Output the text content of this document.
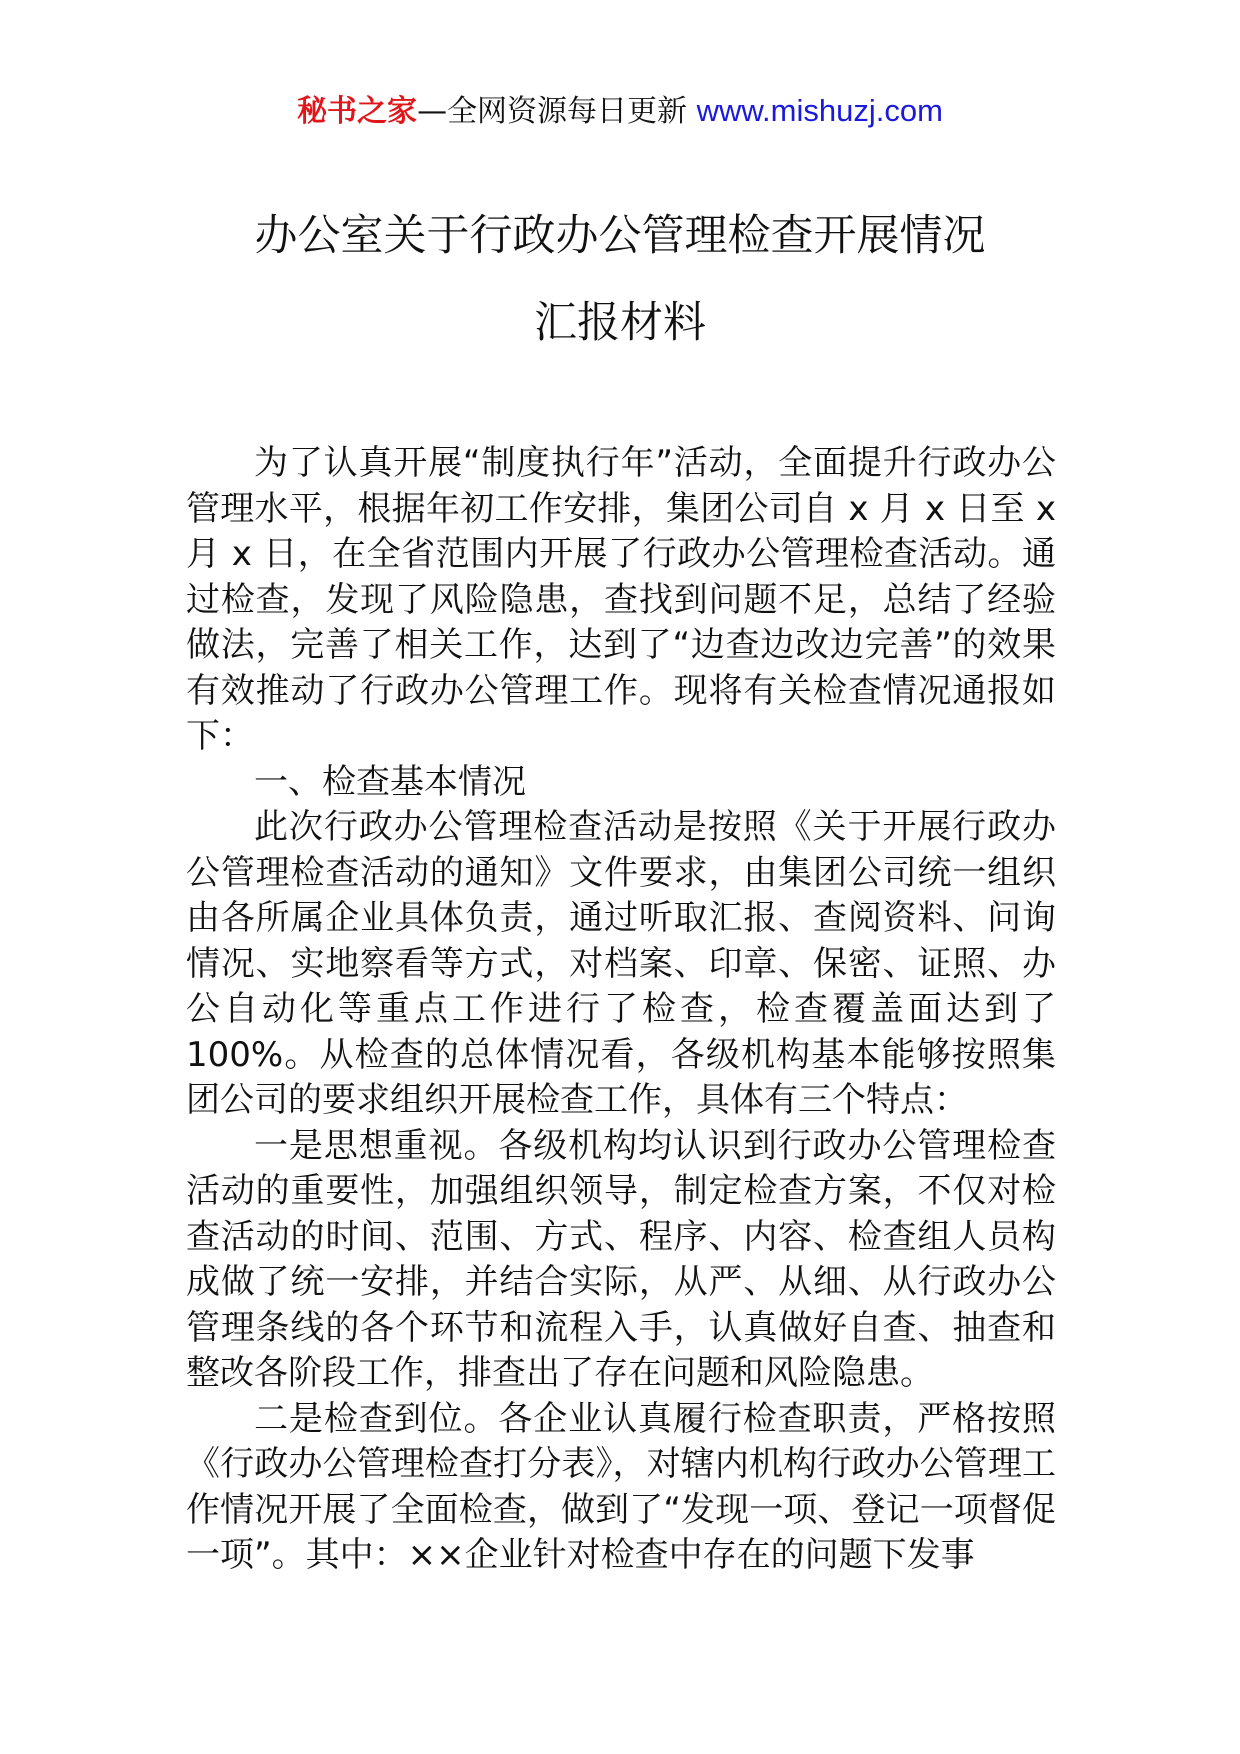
秘书之家—全网资源每日更新 www.mishuzj.com
办公室关于行政办公管理检查开展情况
汇报材料

为了认真开展“制度执行年”活动，全面提升行政办公管理水平，根据年初工作安排，集团公司自 x 月 x 日至 x 月 x 日，在全省范围内开展了行政办公管理检查活动。通过检查，发现了风险隐患，查找到问题不足，总结了经验做法，完善了相关工作，达到了“边查边改边完善”的效果有效推动了行政办公管理工作。现将有关检查情况通报如下：

一、检查基本情况

此次行政办公管理检查活动是按照《关于开展行政办公管理检查活动的通知》文件要求，由集团公司统一组织由各所属企业具体负责，通过听取汇报、查阅资料、问询情况、实地察看等方式，对档案、印章、保密、证照、办公自动化等重点工作进行了检查，检查覆盖面达到了100%。从检查的总体情况看，各级机构基本能够按照集团公司的要求组织开展检查工作，具体有三个特点：

一是思想重视。各级机构均认识到行政办公管理检查活动的重要性，加强组织领导，制定检查方案，不仅对检查活动的时间、范围、方式、程序、内容、检查组人员构成做了统一安排，并结合实际，从严、从细、从行政办公管理条线的各个环节和流程入手，认真做好自查、抽查和整改各阶段工作，排查出了存在问题和风险隐患。

二是检查到位。各企业认真履行检查职责，严格按照《行政办公管理检查打分表》，对辖内机构行政办公管理工作情况开展了全面检查，做到了“发现一项、登记一项督促一项”。其中：××企业针对检查中存在的问题下发事
